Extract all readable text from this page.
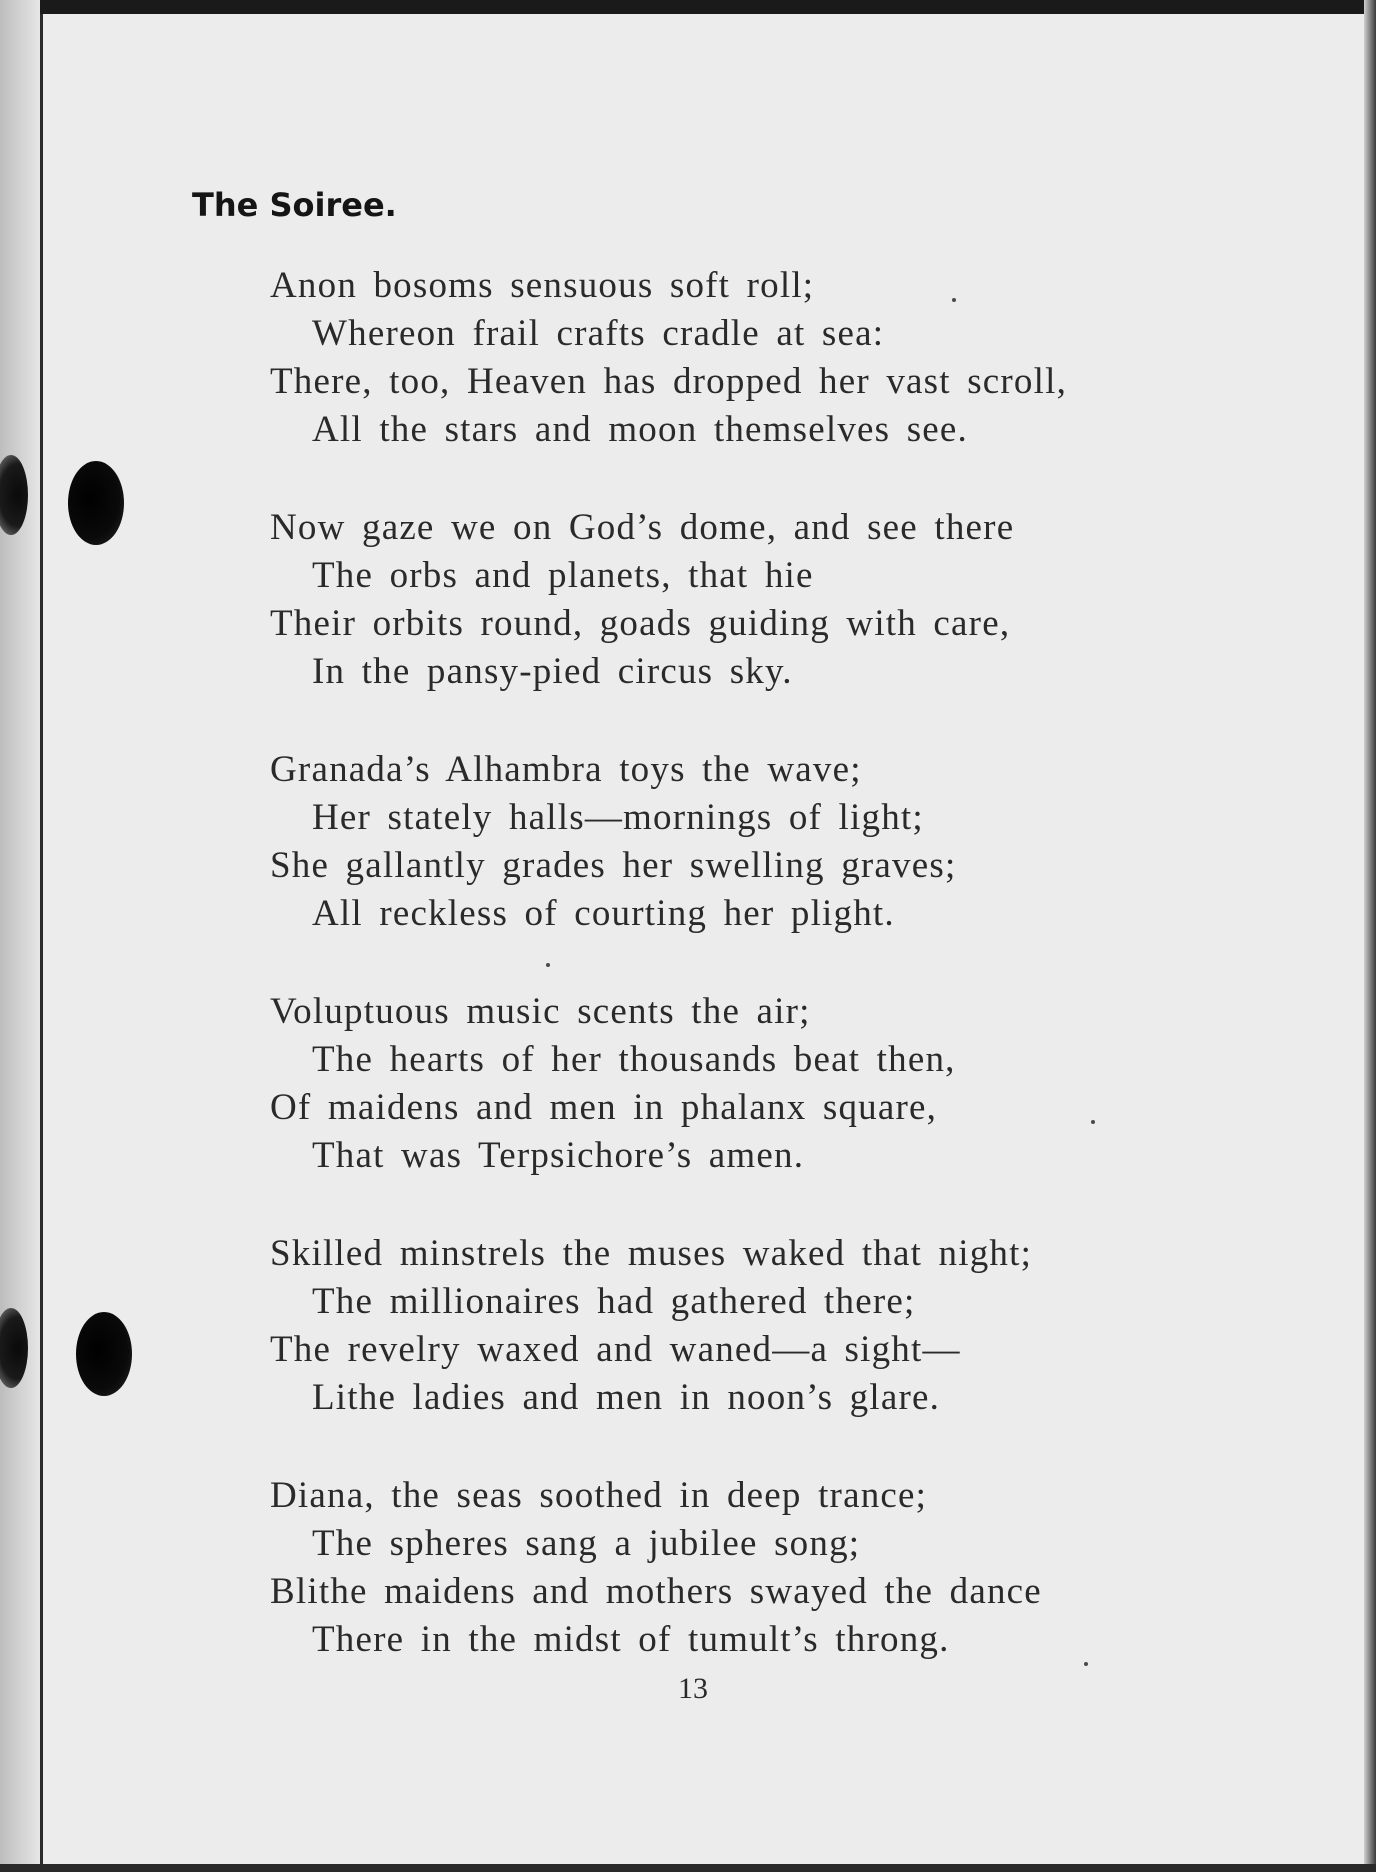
The Soiree.
Anon bosoms sensuous soft roll;
Whereon frail crafts cradle at sea:
There, too, Heaven has dropped her vast scroll,
All the stars and moon themselves see.
Now gaze we on God’s dome, and see there
The orbs and planets, that hie
Their orbits round, goads guiding with care,
In the pansy-pied circus sky.
Granada’s Alhambra toys the wave;
Her stately halls—mornings of light;
She gallantly grades her swelling graves;
All reckless of courting her plight.
Voluptuous music scents the air;
The hearts of her thousands beat then,
Of maidens and men in phalanx square,
That was Terpsichore’s amen.
Skilled minstrels the muses waked that night;
The millionaires had gathered there;
The revelry waxed and waned—a sight—
Lithe ladies and men in noon’s glare.
Diana, the seas soothed in deep trance;
The spheres sang a jubilee song;
Blithe maidens and mothers swayed the dance
There in the midst of tumult’s throng.
13
